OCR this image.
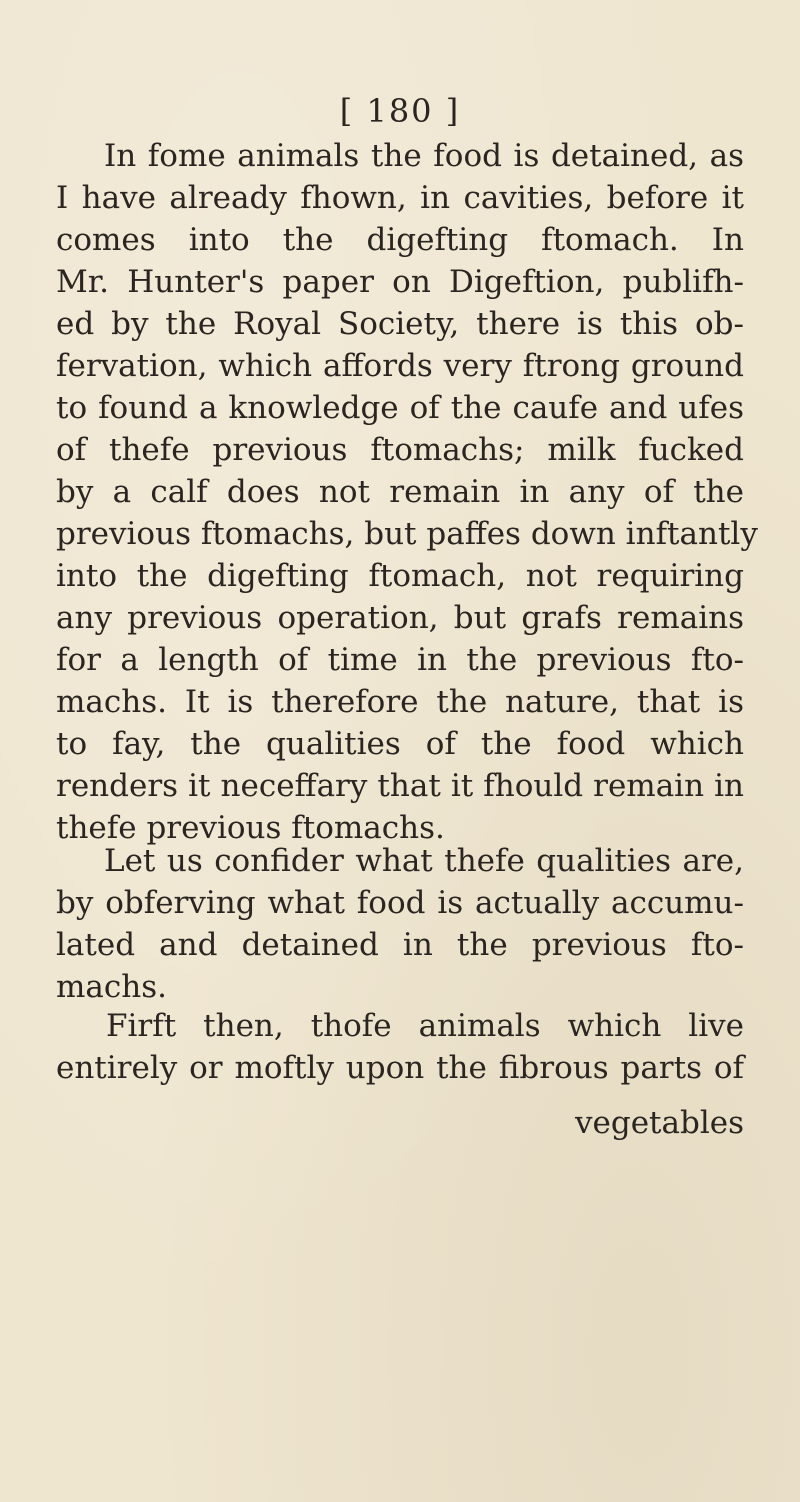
[ 180 ]
In fome animals the food is detained, as
I have already fhown, in cavities, before it
comes into the digefting ftomach. In
Mr. Hunter's paper on Digeftion, publifh-
ed by the Royal Society, there is this ob-
fervation, which affords very ftrong ground
to found a knowledge of the caufe and ufes
of thefe previous ftomachs; milk fucked
by a calf does not remain in any of the
previous ftomachs, but paffes down inftantly
into the digefting ftomach, not requiring
any previous operation, but grafs remains
for a length of time in the previous fto-
machs. It is therefore the nature, that is
to fay, the qualities of the food which
renders it neceffary that it fhould remain in
thefe previous ftomachs.
Let us confider what thefe qualities are,
by obferving what food is actually accumu-
lated and detained in the previous fto-
machs.
Firft then, thofe animals which live
entirely or moftly upon the fibrous parts of
vegetables
